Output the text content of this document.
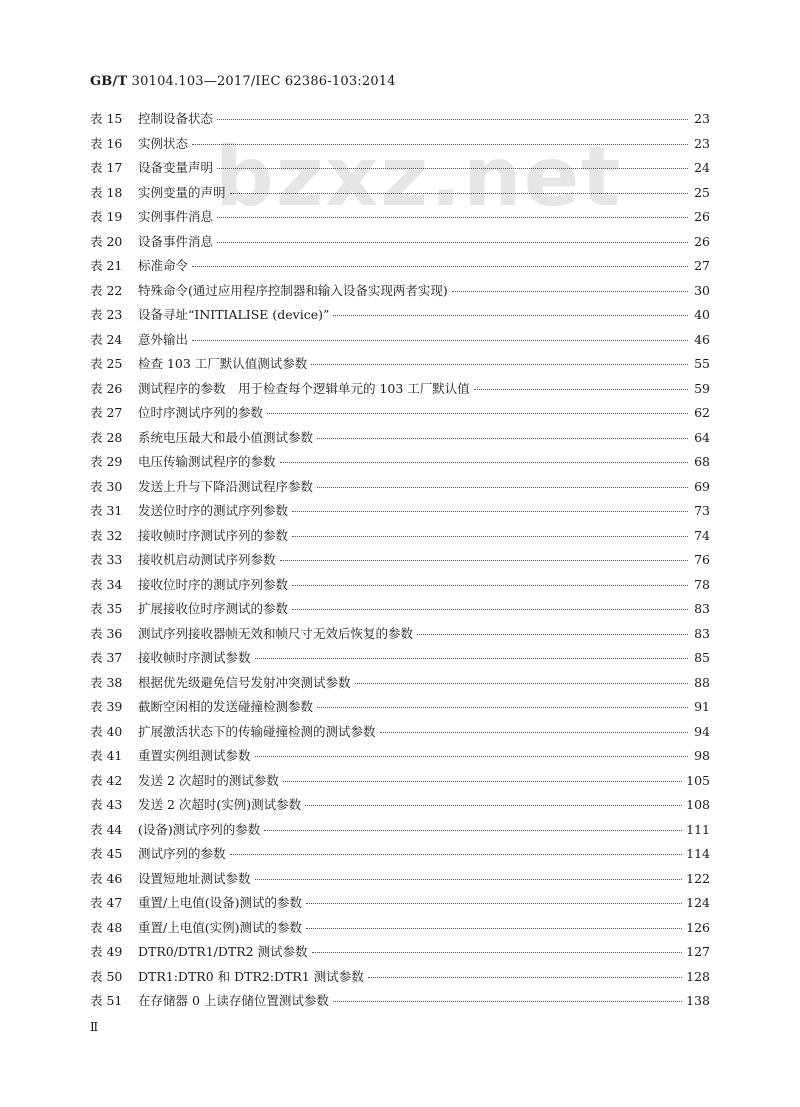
bzxz.net
GB/T 30104.103—2017/IEC 62386-103:2014
表 15	控制设备状态	23
表 16	实例状态	23
表 17	设备变量声明	24
表 18	实例变量的声明	25
表 19	实例事件消息	26
表 20	设备事件消息	26
表 21	标准命令	27
表 22	特殊命令(通过应用程序控制器和输入设备实现两者实现)	30
表 23	设备寻址“INITIALISE (device)”	40
表 24	意外输出	46
表 25	检查 103 工厂默认值测试参数	55
表 26	测试程序的参数　用于检查每个逻辑单元的 103 工厂默认值	59
表 27	位时序测试序列的参数	62
表 28	系统电压最大和最小值测试参数	64
表 29	电压传输测试程序的参数	68
表 30	发送上升与下降沿测试程序参数	69
表 31	发送位时序的测试序列参数	73
表 32	接收帧时序测试序列的参数	74
表 33	接收机启动测试序列参数	76
表 34	接收位时序的测试序列参数	78
表 35	扩展接收位时序测试的参数	83
表 36	测试序列接收器帧无效和帧尺寸无效后恢复的参数	83
表 37	接收帧时序测试参数	85
表 38	根据优先级避免信号发射冲突测试参数	88
表 39	截断空闲相的发送碰撞检测参数	91
表 40	扩展激活状态下的传输碰撞检测的测试参数	94
表 41	重置实例组测试参数	98
表 42	发送 2 次超时的测试参数	105
表 43	发送 2 次超时(实例)测试参数	108
表 44	(设备)测试序列的参数	111
表 45	测试序列的参数	114
表 46	设置短地址测试参数	122
表 47	重置/上电值(设备)测试的参数	124
表 48	重置/上电值(实例)测试的参数	126
表 49	DTR0/DTR1/DTR2 测试参数	127
表 50	DTR1:DTR0 和 DTR2:DTR1 测试参数	128
表 51	在存储器 0 上读存储位置测试参数	138
Ⅱ
